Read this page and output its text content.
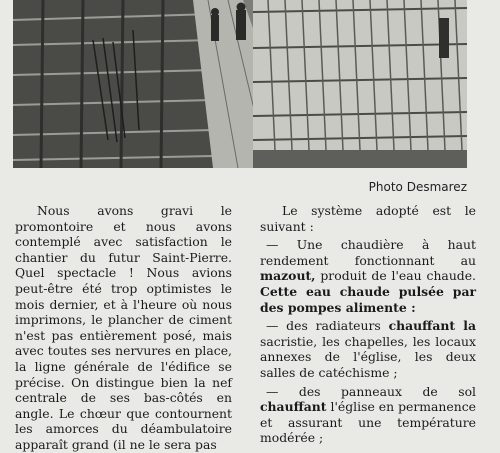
Photo Desmarez

Nous avons gravi le promontoire et nous avons contemplé avec satisfaction le chantier du futur Saint-Pierre. Quel spectacle ! Nous avions peut-être été trop optimistes le mois dernier, et à l'heure où nous imprimons, le plancher de ciment n'est pas entièrement posé, mais avec toutes ses nervures en place, la ligne générale de l'édifice se précise. On distingue bien la nef centrale de ses bas-côtés en angle. Le chœur que contournent les amorces du déambulatoire apparaît grand (il ne le sera pas

Le système adopté est le suivant :

— Une chaudière à haut rendement fonctionnant au mazout, produit de l'eau chaude. Cette eau chaude pulsée par des pompes alimente :

— des radiateurs chauffant la sacristie, les chapelles, les locaux annexes de l'église, les deux salles de catéchisme ;

— des panneaux de sol chauffant l'église en permanence et assurant une température modérée ;
